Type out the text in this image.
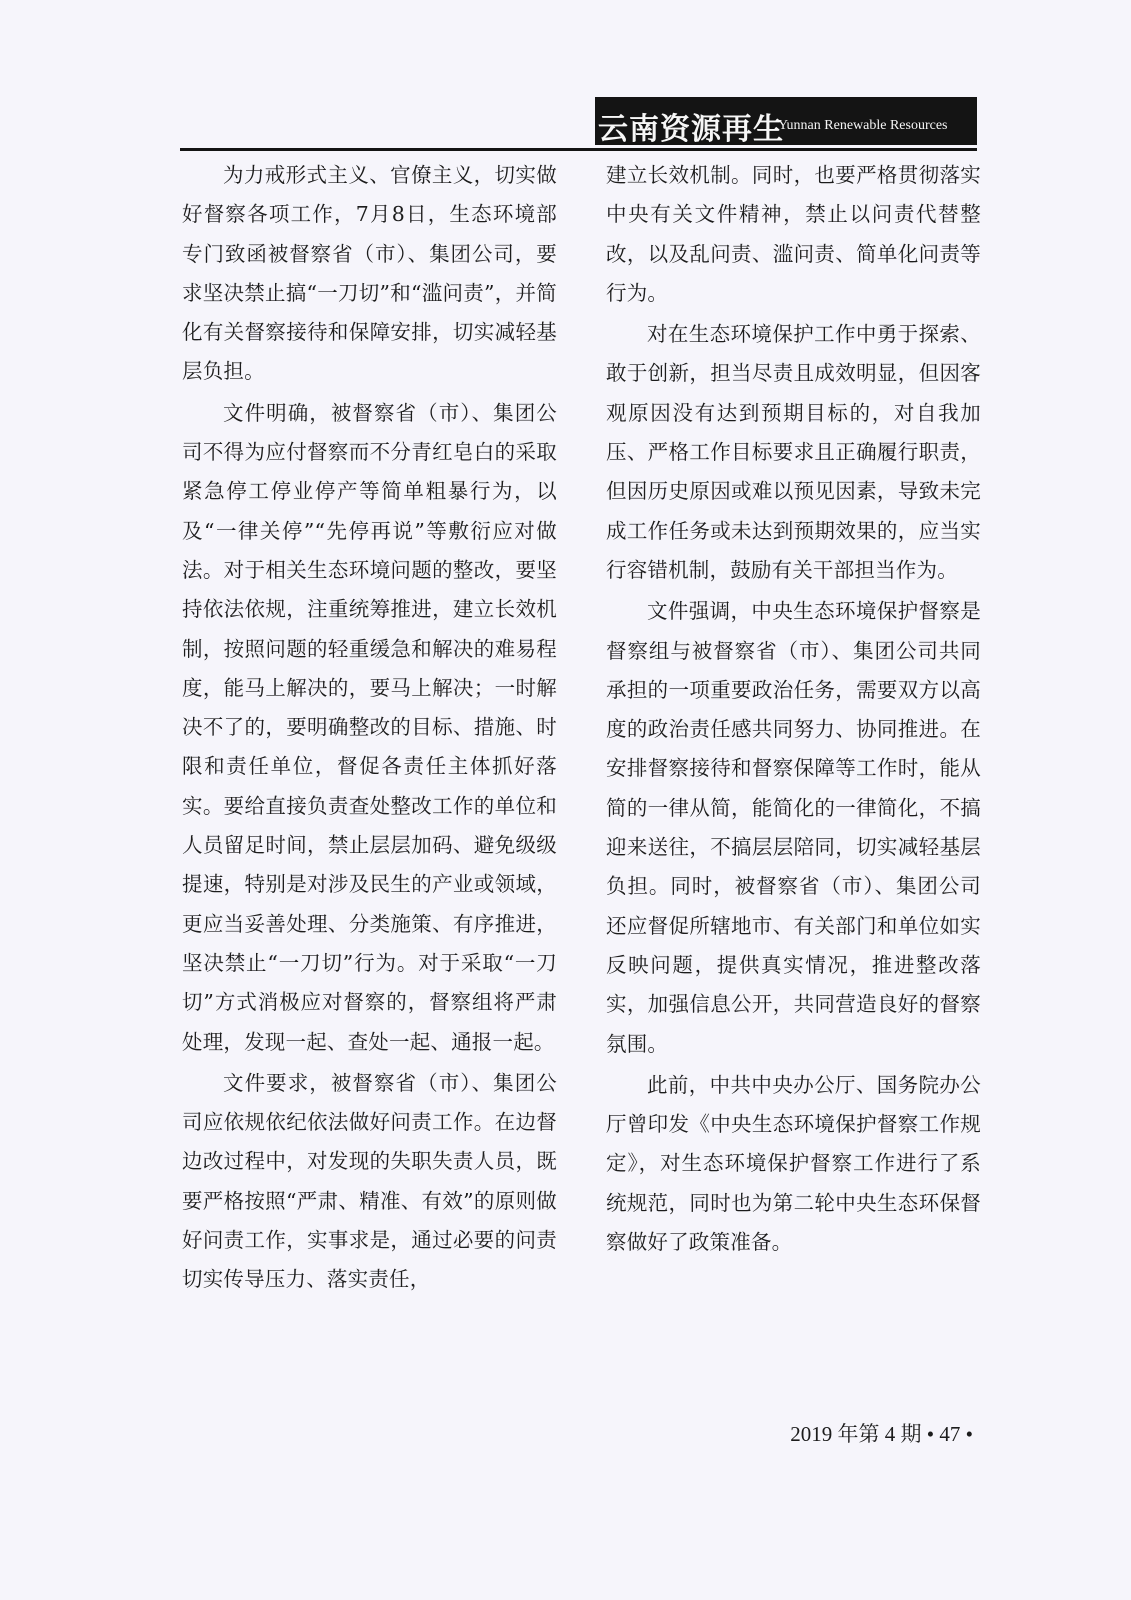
云南资源再生
Yunnan Renewable Resources

为力戒形式主义、官僚主义，切实做好督察各项工作，7月8日，生态环境部专门致函被督察省（市）、集团公司，要求坚决禁止搞“一刀切”和“滥问责”，并简化有关督察接待和保障安排，切实减轻基层负担。

文件明确，被督察省（市）、集团公司不得为应付督察而不分青红皂白的采取紧急停工停业停产等简单粗暴行为，以及“一律关停”“先停再说”等敷衍应对做法。对于相关生态环境问题的整改，要坚持依法依规，注重统筹推进，建立长效机制，按照问题的轻重缓急和解决的难易程度，能马上解决的，要马上解决；一时解决不了的，要明确整改的目标、措施、时限和责任单位，督促各责任主体抓好落实。要给直接负责查处整改工作的单位和人员留足时间，禁止层层加码、避免级级提速，特别是对涉及民生的产业或领域，更应当妥善处理、分类施策、有序推进，坚决禁止“一刀切”行为。对于采取“一刀切”方式消极应对督察的，督察组将严肃处理，发现一起、查处一起、通报一起。

文件要求，被督察省（市）、集团公司应依规依纪依法做好问责工作。在边督边改过程中，对发现的失职失责人员，既要严格按照“严肃、精准、有效”的原则做好问责工作，实事求是，通过必要的问责切实传导压力、落实责任，

建立长效机制。同时，也要严格贯彻落实中央有关文件精神，禁止以问责代替整改，以及乱问责、滥问责、简单化问责等行为。

对在生态环境保护工作中勇于探索、敢于创新，担当尽责且成效明显，但因客观原因没有达到预期目标的，对自我加压、严格工作目标要求且正确履行职责，但因历史原因或难以预见因素，导致未完成工作任务或未达到预期效果的，应当实行容错机制，鼓励有关干部担当作为。

文件强调，中央生态环境保护督察是督察组与被督察省（市）、集团公司共同承担的一项重要政治任务，需要双方以高度的政治责任感共同努力、协同推进。在安排督察接待和督察保障等工作时，能从简的一律从简，能简化的一律简化，不搞迎来送往，不搞层层陪同，切实减轻基层负担。同时，被督察省（市）、集团公司还应督促所辖地市、有关部门和单位如实反映问题，提供真实情况，推进整改落实，加强信息公开，共同营造良好的督察氛围。

此前，中共中央办公厅、国务院办公厅曾印发《中央生态环境保护督察工作规定》，对生态环境保护督察工作进行了系统规范，同时也为第二轮中央生态环保督察做好了政策准备。

2019 年第 4 期 • 47 •
